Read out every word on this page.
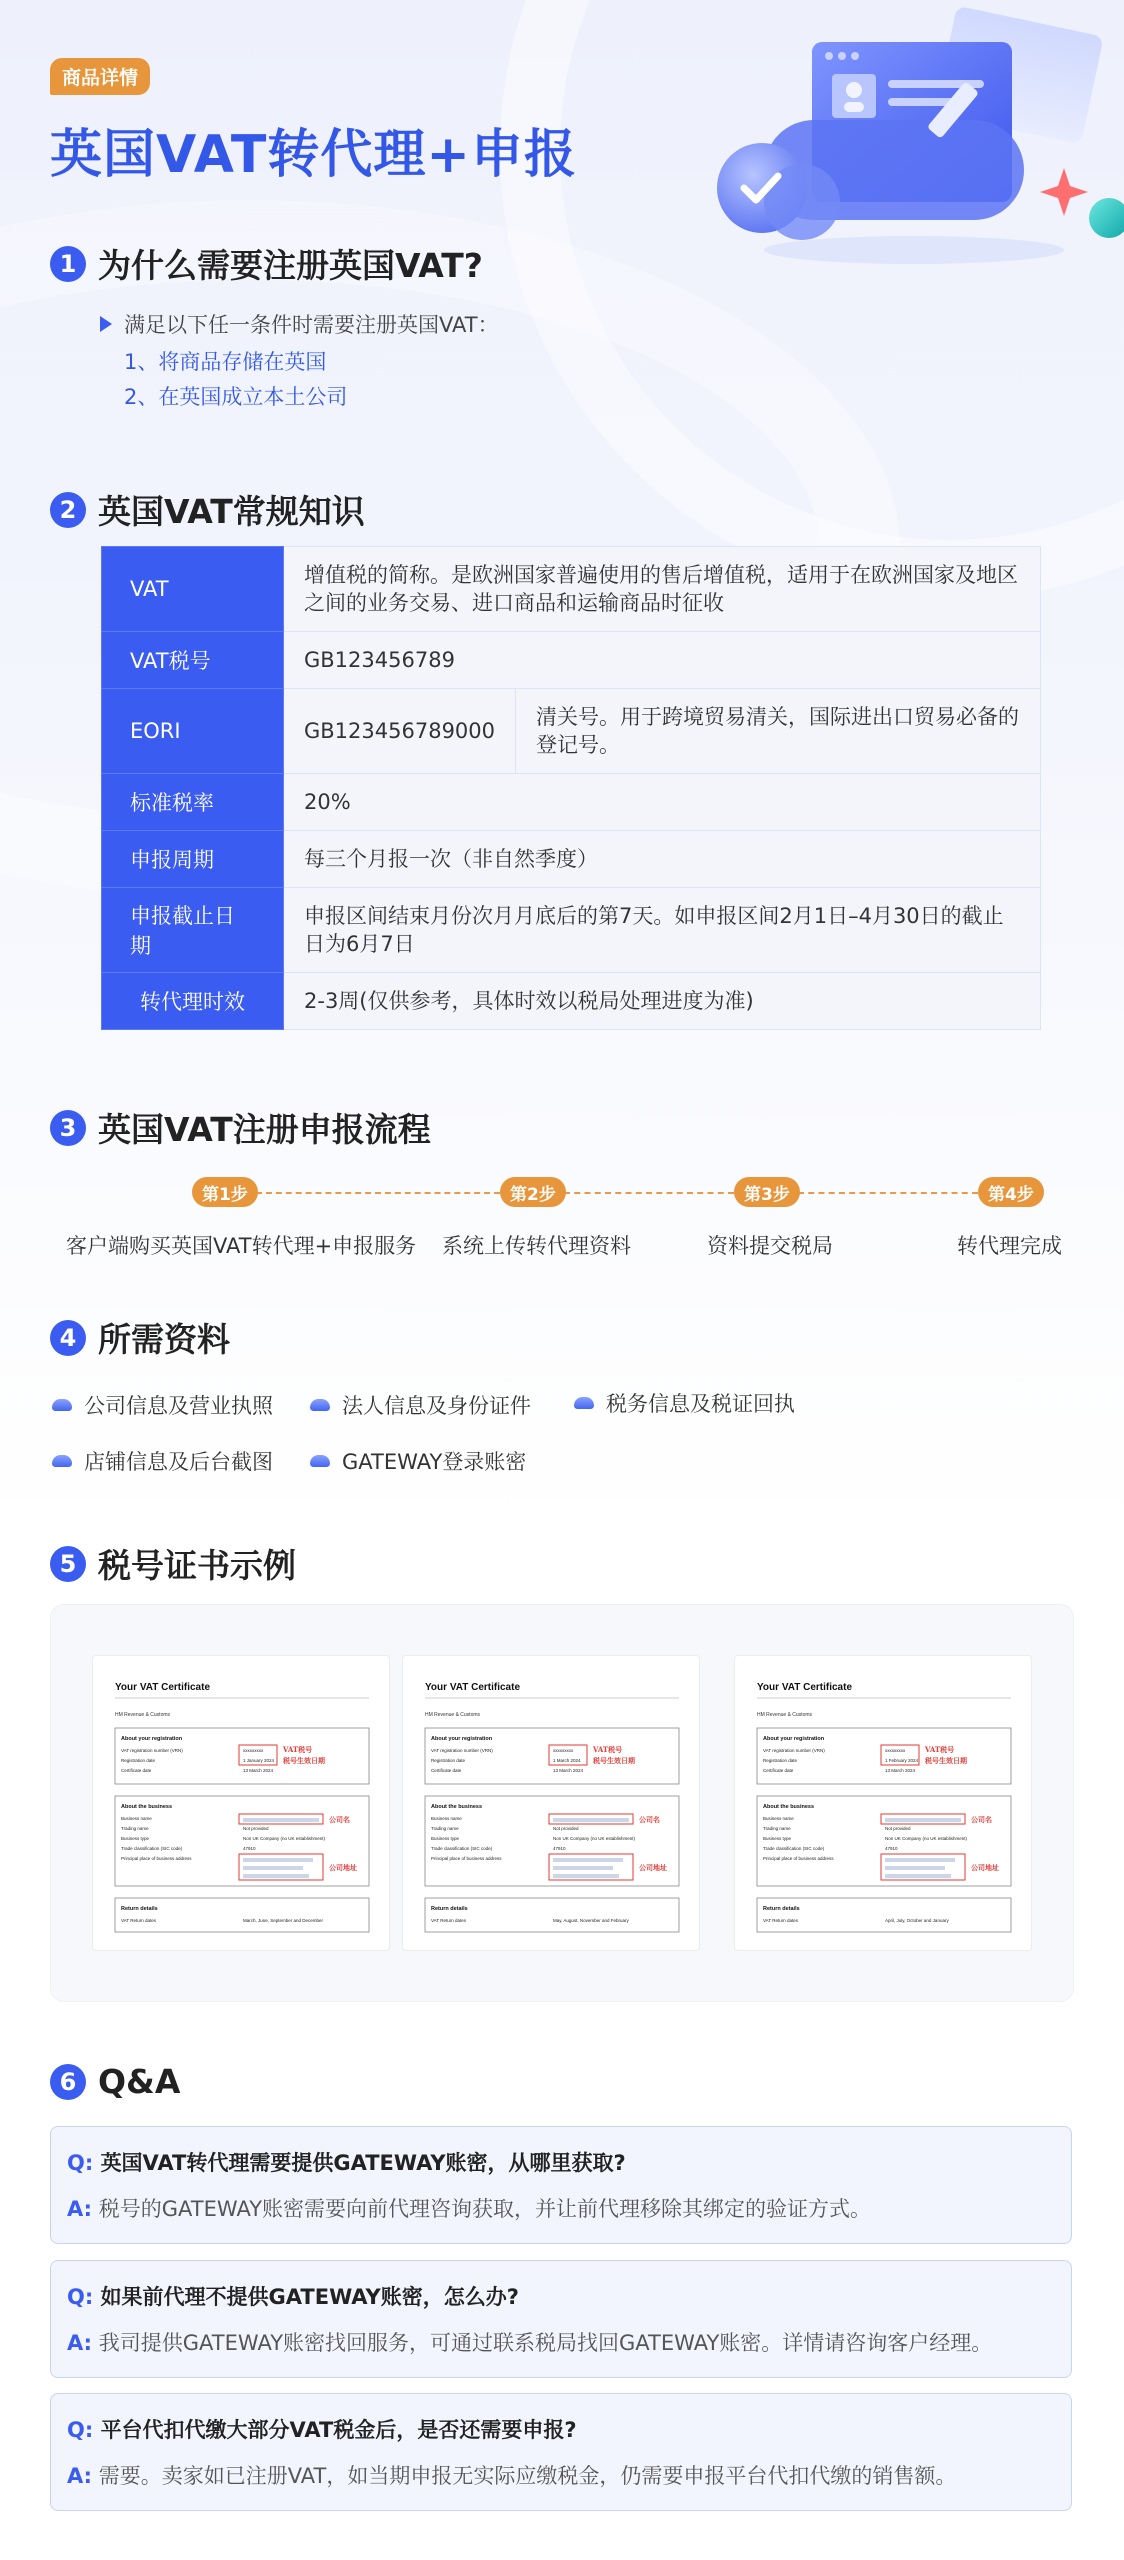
商品详情
英国VAT转代理+申报
1 为什么需要注册英国VAT?
满足以下任一条件时需要注册英国VAT：
1、将商品存储在英国
2、在英国成立本土公司
2 英国VAT常规知识
VAT	增值税的简称。是欧洲国家普遍使用的售后增值税，适用于在欧洲国家及地区之间的业务交易、进口商品和运输商品时征收	
VAT税号	GB123456789	
EORI	GB123456789000	清关号。用于跨境贸易清关，国际进出口贸易必备的登记号。
标准税率	20%	
申报周期	每三个月报一次（非自然季度）	
申报截止日期	申报区间结束月份次月月底后的第7天。如申报区间2月1日–4月30日的截止日为6月7日	
转代理时效	2-3周(仅供参考，具体时效以税局处理进度为准)	
3 英国VAT注册申报流程
第1步	第2步	第3步	第4步
客户端购买英国VAT转代理+申报服务 系统上传转代理资料	资料提交税局	转代理完成
4 所需资料
公司信息及营业执照	法人信息及身份证件	税务信息及税证回执
店铺信息及后台截图	GATEWAY登录账密
5 税号证书示例
Your VAT Certificate
HM Revenue & Customs
About your registration
VAT registration number (VRN)	xxxxxxxxx
Registration date	1 January 2024
Certificate date	13 March 2024
VAT税号
税号生效日期
About the business
Business name
Trading name	Not provided
Business type	Non UK Company (no UK establishment)
Trade classification (SIC code)	47910
Principal place of business address
公司名
公司地址
Return details
VAT Return dates	March, June, September and December
Your VAT Certificate
HM Revenue & Customs
About your registration
VAT registration number (VRN)	xxxxxxxxx
Registration date	1 March 2024
Certificate date	13 March 2024
VAT税号
税号生效日期
About the business
Business name
Trading name	Not provided
Business type	Non UK Company (no UK establishment)
Trade classification (SIC code)	47910
Principal place of business address
公司名
公司地址
Return details
VAT Return dates	May, August, November and February
Your VAT Certificate
HM Revenue & Customs
About your registration
VAT registration number (VRN)	xxxxxxxxx
Registration date	1 February 2024
Certificate date	13 March 2024
VAT税号
税号生效日期
About the business
Business name
Trading name	Not provided
Business type	Non UK Company (no UK establishment)
Trade classification (SIC code)	47910
Principal place of business address
公司名
公司地址
Return details
VAT Return dates	April, July, October and January
6 Q&A
Q: 英国VAT转代理需要提供GATEWAY账密，从哪里获取?
A: 税号的GATEWAY账密需要向前代理咨询获取，并让前代理移除其绑定的验证方式。
Q: 如果前代理不提供GATEWAY账密，怎么办?
A: 我司提供GATEWAY账密找回服务，可通过联系税局找回GATEWAY账密。详情请咨询客户经理。
Q: 平台代扣代缴大部分VAT税金后，是否还需要申报?
A: 需要。卖家如已注册VAT，如当期申报无实际应缴税金，仍需要申报平台代扣代缴的销售额。
